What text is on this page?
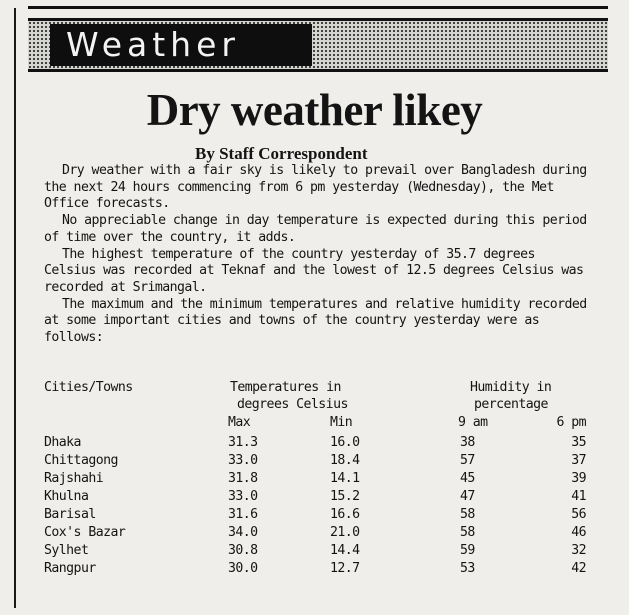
Weather
Dry weather likey

By Staff Correspondent

Dry weather with a fair sky is likely to prevail over Bangladesh during the next 24 hours commencing from 6 pm yesterday (Wednesday), the Met Office forecasts.

No appreciable change in day temperature is expected during this period of time over the country, it adds.

The highest temperature of the country yesterday of 35.7 degrees Celsius was recorded at Teknaf and the lowest of 12.5 degrees Celsius was recorded at Srimangal.

The maximum and the minimum temperatures and relative humidity recorded at some important cities and towns of the country yesterday were as follows:

Cities/Towns	Temperatures in
degrees Celsius
Humidity in
percentage
Max	Min	9 am	6 pm
Dhaka	31.3	16.0	38	35
Chittagong	33.0	18.4	57	37
Rajshahi	31.8	14.1	45	39
Khulna	33.0	15.2	47	41
Barisal	31.6	16.6	58	56
Cox's Bazar	34.0	21.0	58	46
Sylhet	30.8	14.4	59	32
Rangpur	30.0	12.7	53	42
